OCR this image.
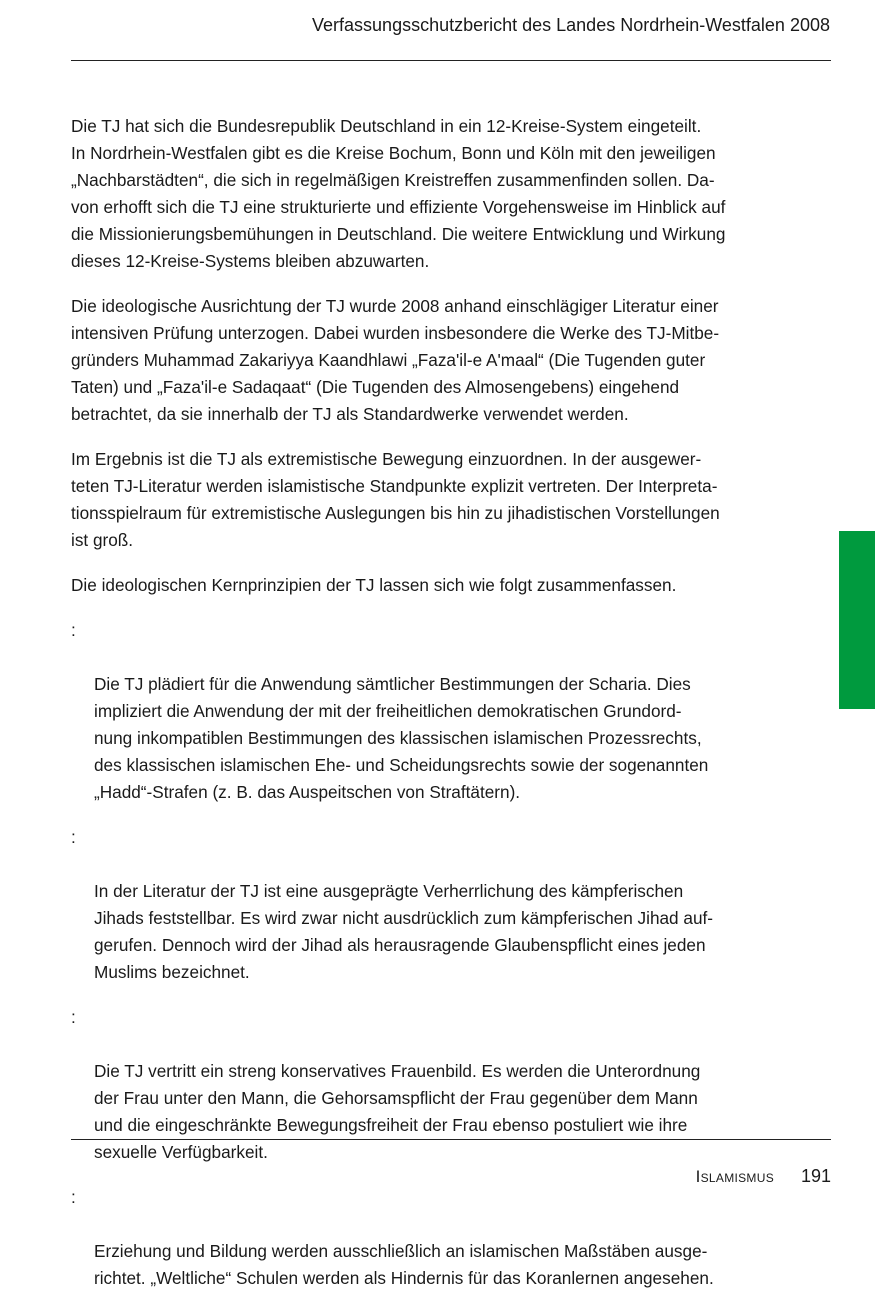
Verfassungsschutzbericht des Landes Nordrhein-Westfalen 2008

Die TJ hat sich die Bundesrepublik Deutschland in ein 12-Kreise-System eingeteilt.
In Nordrhein-Westfalen gibt es die Kreise Bochum, Bonn und Köln mit den jeweiligen
„Nachbarstädten“, die sich in regelmäßigen Kreistreffen zusammenfinden sollen. Da-
von erhofft sich die TJ eine strukturierte und effiziente Vorgehensweise im Hinblick auf
die Missionierungsbemühungen in Deutschland. Die weitere Entwicklung und Wirkung
dieses 12-Kreise-Systems bleiben abzuwarten.

Die ideologische Ausrichtung der TJ wurde 2008 anhand einschlägiger Literatur einer
intensiven Prüfung unterzogen. Dabei wurden insbesondere die Werke des TJ-Mitbe-
gründers Muhammad Zakariyya Kaandhlawi „Faza'il-e A'maal“ (Die Tugenden guter
Taten) und „Faza'il-e Sadaqaat“ (Die Tugenden des Almosengebens) eingehend
betrachtet, da sie innerhalb der TJ als Standardwerke verwendet werden.

Im Ergebnis ist die TJ als extremistische Bewegung einzuordnen. In der ausgewer-
teten TJ-Literatur werden islamistische Standpunkte explizit vertreten. Der Interpreta-
tionsspielraum für extremistische Auslegungen bis hin zu jihadistischen Vorstellungen
ist groß.

Die ideologischen Kernprinzipien der TJ lassen sich wie folgt zusammenfassen.

:

Die TJ plädiert für die Anwendung sämtlicher Bestimmungen der Scharia. Dies
impliziert die Anwendung der mit der freiheitlichen demokratischen Grundord-
nung inkompatiblen Bestimmungen des klassischen islamischen Prozessrechts,
des klassischen islamischen Ehe- und Scheidungsrechts sowie der sogenannten
„Hadd“-Strafen (z. B. das Auspeitschen von Straftätern).

:

In der Literatur der TJ ist eine ausgeprägte Verherrlichung des kämpferischen
Jihads feststellbar. Es wird zwar nicht ausdrücklich zum kämpferischen Jihad auf-
gerufen. Dennoch wird der Jihad als herausragende Glaubenspflicht eines jeden
Muslims bezeichnet.

:

Die TJ vertritt ein streng konservatives Frauenbild. Es werden die Unterordnung
der Frau unter den Mann, die Gehorsamspflicht der Frau gegenüber dem Mann
und die eingeschränkte Bewegungsfreiheit der Frau ebenso postuliert wie ihre
sexuelle Verfügbarkeit.

:

Erziehung und Bildung werden ausschließlich an islamischen Maßstäben ausge-
richtet. „Weltliche“ Schulen werden als Hindernis für das Koranlernen angesehen.

Islamismus 191
